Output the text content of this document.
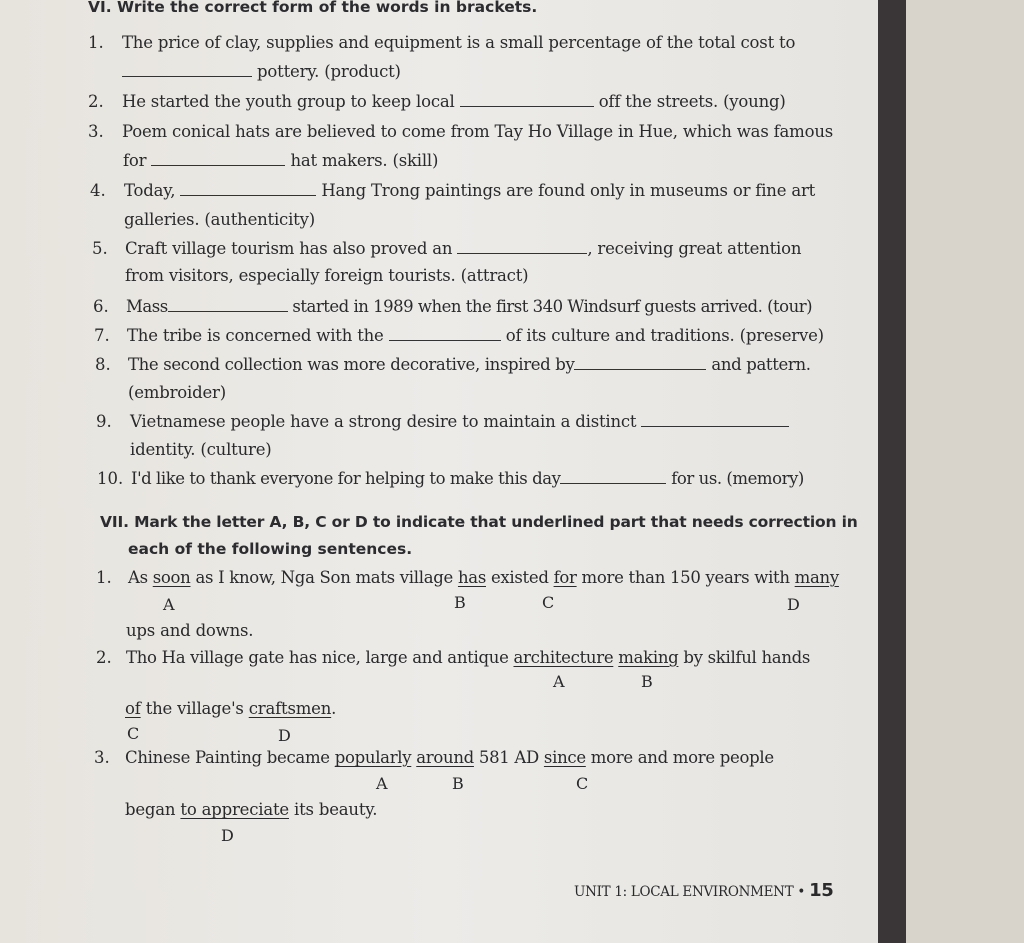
VI. Write the correct form of the words in brackets.
1. The price of clay, supplies and equipment is a small percentage of the total cost to
pottery. (product)
2. He started the youth group to keep local	off the streets. (young)
3. Poem conical hats are believed to come from Tay Ho Village in Hue, which was famous
for	hat makers. (skill)
4. Today,	Hang Trong paintings are found only in museums or fine art
galleries. (authenticity)
5. Craft village tourism has also proved an	, receiving great attention
from visitors, especially foreign tourists. (attract)
6. Mass	started in 1989 when the first 340 Windsurf guests arrived. (tour)
7. The tribe is concerned with the	of its culture and traditions. (preserve)
8. The second collection was more decorative, inspired by	and pattern.
(embroider)
9. Vietnamese people have a strong desire to maintain a distinct
identity. (culture)
10. I'd like to thank everyone for helping to make this day	for us. (memory)
VII. Mark the letter A, B, C or D to indicate that underlined part that needs correction in
each of the following sentences.
1. As soon as I know, Nga Son mats village has existed for more than 150 years with many
A	B	C	D
ups and downs.
2. Tho Ha village gate has nice, large and antique architecture making by skilful hands
A	B
of the village's craftsmen.
C	D
3. Chinese Painting became popularly around 581 AD since more and more people
A	B	C
began to appreciate its beauty.
D
UNIT 1: LOCAL ENVIRONMENT • 15
